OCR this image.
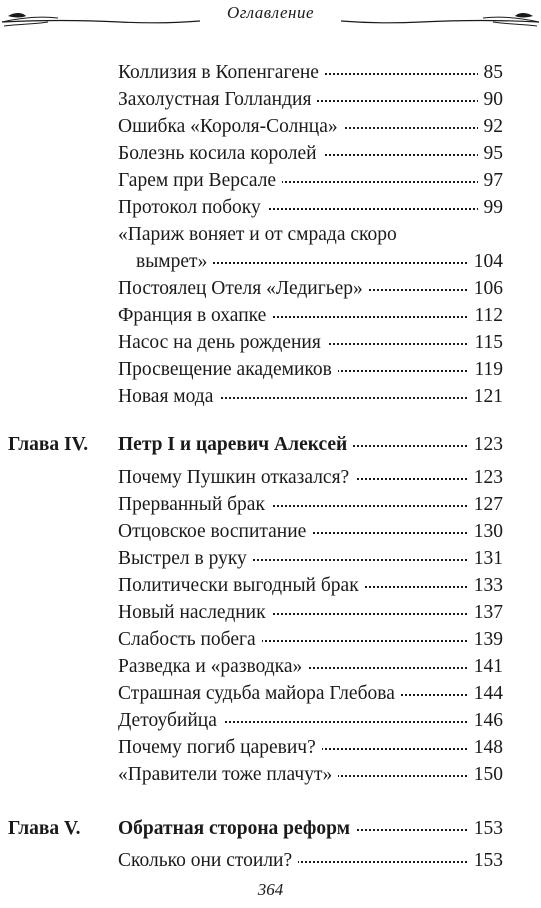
Оглавление
Коллизия в Копенгагене	85
Захолустная Голландия	90
Ошибка «Короля-Солнца»	92
Болезнь косила королей	95
Гарем при Версале	97
Протокол побоку	99
«Париж воняет и от смрада скоро
вымрет»	104
Постоялец Отеля «Ледигьер»	106
Франция в охапке	112
Насос на день рождения	115
Просвещение академиков	119
Новая мода	121
Глава IV. Петр I и царевич Алексей	123
Почему Пушкин отказался?	123
Прерванный брак	127
Отцовское воспитание	130
Выстрел в руку	131
Политически выгодный брак	133
Новый наследник	137
Слабость побега	139
Разведка и «разводка»	141
Страшная судьба майора Глебова	144
Детоубийца	146
Почему погиб царевич?	148
«Правители тоже плачут»	150
Глава V. Обратная сторона реформ	153
Сколько они стоили?	153
364
